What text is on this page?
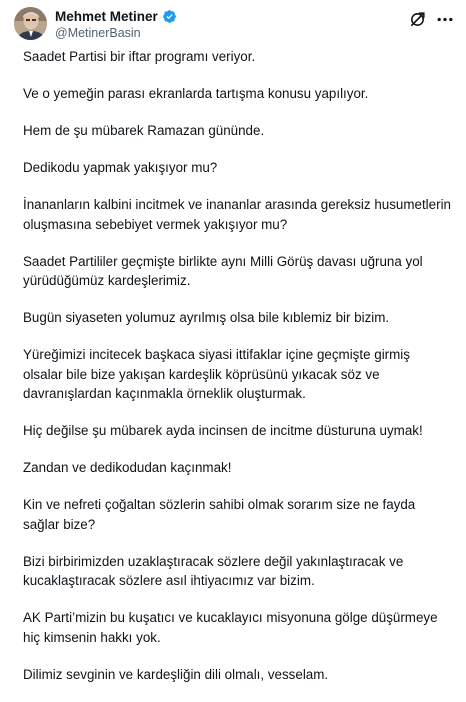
Mehmet Metiner
@MetinerBasin

Saadet Partisi bir iftar programı veriyor.

Ve o yemeğin parası ekranlarda tartışma konusu yapılıyor.

Hem de şu mübarek Ramazan gününde.

Dedikodu yapmak yakışıyor mu?

İnananların kalbini incitmek ve inananlar arasında gereksiz husumetlerin oluşmasına sebebiyet vermek yakışıyor mu?

Saadet Partililer geçmişte birlikte aynı Milli Görüş davası uğruna yol yürüdüğümüz kardeşlerimiz.

Bugün siyaseten yolumuz ayrılmış olsa bile kıblemiz bir bizim.

Yüreğimizi incitecek başkaca siyasi ittifaklar içine geçmişte girmiş olsalar bile bize yakışan kardeşlik köprüsünü yıkacak söz ve davranışlardan kaçınmakla örneklik oluşturmak.

Hiç değilse şu mübarek ayda incinsen de incitme düsturuna uymak!

Zandan ve dedikodudan kaçınmak!

Kin ve nefreti çoğaltan sözlerin sahibi olmak sorarım size ne fayda sağlar bize?

Bizi birbirimizden uzaklaştıracak sözlere değil yakınlaştıracak ve kucaklaştıracak sözlere asıl ihtiyacımız var bizim.

AK Parti’mizin bu kuşatıcı ve kucaklayıcı misyonuna gölge düşürmeye hiç kimsenin hakkı yok.

Dilimiz sevginin ve kardeşliğin dili olmalı, vesselam.
